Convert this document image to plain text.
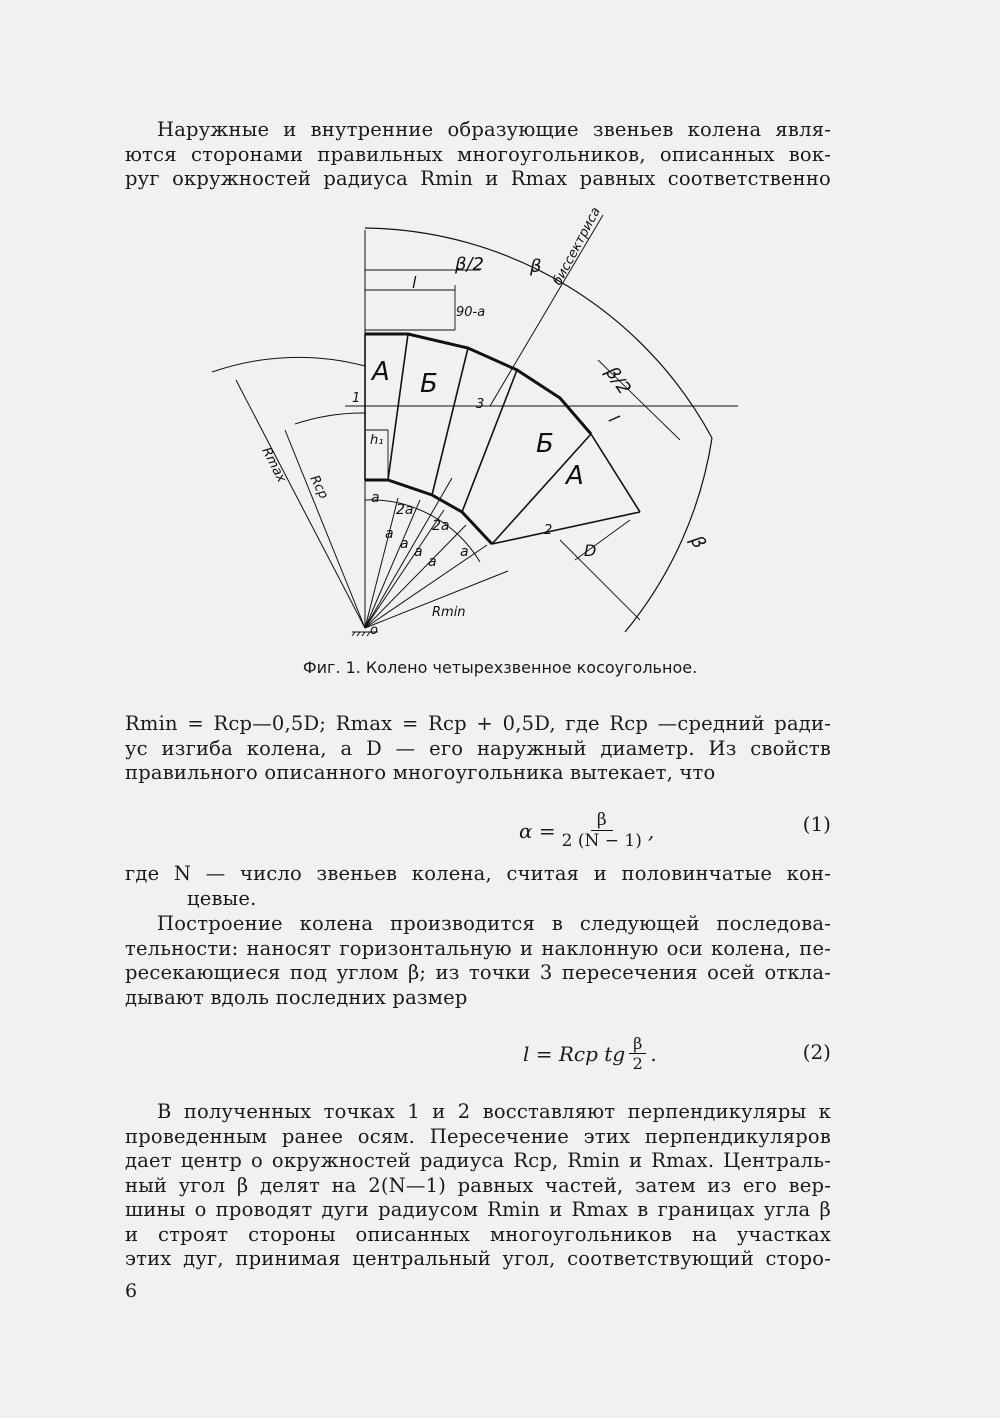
Наружные и внутренние образующие звеньев колена явля-
ются сторонами правильных многоугольников, описанных вок-
руг окружностей радиуса Rmin и Rmax равных соответственно
β/2	β
l
90-a
биссектриса
A Б
Б
A
1	3
2
o
h₁
Rmax
Rcp
Rmin
D
β/2
l
β
a
2a
2a
a
a a
a
a
Фиг. 1. Колено четырехзвенное косоугольное.
Rmin = Rcp—0,5D; Rmax = Rcp + 0,5D, где Rcp —средний ради-
ус изгиба колена, а D — его наружный диаметр. Из свойств
правильного описанного многоугольника вытекает, что
$\alpha = \frac{\beta}{2 (N - 1)}$ ,	(1)
где N — число звеньев колена, считая и половинчатые кон-
цевые.
Построение колена производится в следующей последова-
тельности: наносят горизонтальную и наклонную оси колена, пе-
ресекающиеся под углом β; из точки 3 пересечения осей откла-
дывают вдоль последних размер
l = Rcp tg $\frac{\beta}{2}$ .	(2)
В полученных точках 1 и 2 восставляют перпендикуляры к
проведенным ранее осям. Пересечение этих перпендикуляров
дает центр o окружностей радиуса Rcp, Rmin и Rmax. Централь-
ный угол β делят на 2(N—1) равных частей, затем из его вер-
шины o проводят дуги радиусом Rmin и Rmax в границах угла β
и строят стороны описанных многоугольников на участках
этих дуг, принимая центральный угол, соответствующий сторо-
6
